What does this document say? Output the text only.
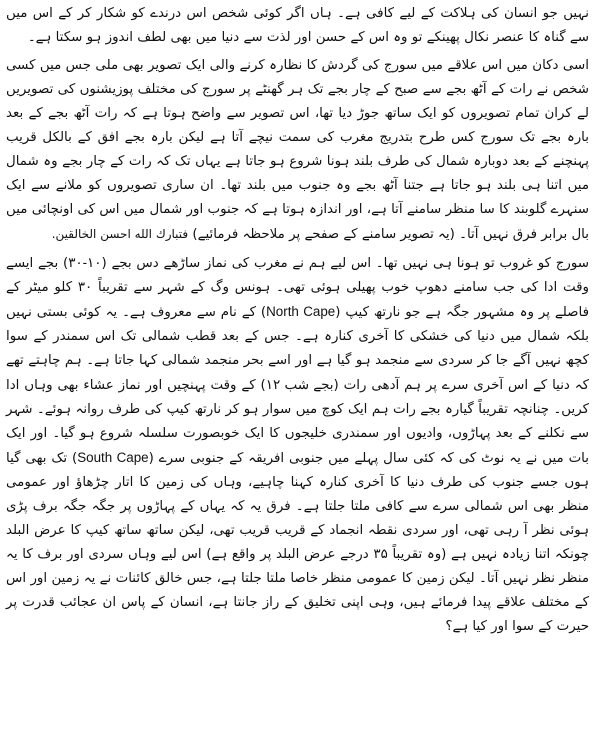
نہیں جو انسان کی ہلاکت کے لیے کافی ہے۔ ہاں اگر کوئی شخص اس درندے کو شکار کر کے اس میں سے گناہ کا عنصر نکال پھینکے تو وہ اس کے حسن اور لذت سے دنیا میں بھی لطف اندوز ہو سکتا ہے۔

اسی دکان میں اس علاقے میں سورج کی گردش کا نظارہ کرنے والی ایک تصویر بھی ملی جس میں کسی شخص نے رات کے آٹھ بجے سے صبح کے چار بجے تک ہر گھنٹے پر سورج کی مختلف پوزیشنوں کی تصویریں لے کران تمام تصویروں کو ایک ساتھ جوڑ دیا تھا، اس تصویر سے واضح ہوتا ہے کہ رات آٹھ بجے کے بعد بارہ بجے تک سورج کس طرح بتدریج مغرب کی سمت نیچے آتا ہے لیکن بارہ بجے افق کے بالکل قریب پہنچنے کے بعد دوبارہ شمال کی طرف بلند ہونا شروع ہو جاتا ہے یہاں تک کہ رات کے چار بجے وہ شمال میں اتنا ہی بلند ہو جاتا ہے جتنا آٹھ بجے وہ جنوب میں بلند تھا۔ ان ساری تصویروں کو ملانے سے ایک سنہرے گلوبند کا سا منظر سامنے آتا ہے، اور اندازہ ہوتا ہے کہ جنوب اور شمال میں اس کی اونچائی میں بال برابر فرق نہیں آتا۔ (یہ تصویر سامنے کے صفحے پر ملاحظہ فرمائیے) فتبارك الله احسن الخالقين.

سورج کو غروب تو ہونا ہی نہیں تھا۔ اس لیے ہم نے مغرب کی نماز ساڑھے دس بجے (۳۰-۱۰) بجے ایسے وقت ادا کی جب سامنے دھوپ خوب پھیلی ہوئی تھی۔ ہونس وگ کے شہر سے تقریباً ۳۰ کلو میٹر کے فاصلے پر وہ مشہور جگہ ہے جو نارتھ کیپ (North Cape) کے نام سے معروف ہے۔ یہ کوئی بستی نہیں بلکہ شمال میں دنیا کی خشکی کا آخری کنارہ ہے۔ جس کے بعد قطب شمالی تک اس سمندر کے سوا کچھ نہیں آگے جا کر سردی سے منجمد ہو گیا ہے اور اسے بحر منجمد شمالی کہا جاتا ہے۔ ہم چاہتے تھے کہ دنیا کے اس آخری سرے پر ہم آدھی رات (۱۲ بجے شب) کے وقت پہنچیں اور نماز عشاء بھی وہاں ادا کریں۔ چنانچہ تقریباً گیارہ بجے رات ہم ایک کوچ میں سوار ہو کر نارتھ کیپ کی طرف روانہ ہوئے۔ شہر سے نکلنے کے بعد پہاڑوں، وادیوں اور سمندری خلیجوں کا ایک خوبصورت سلسلہ شروع ہو گیا۔ اور ایک بات میں نے یہ نوٹ کی کہ کئی سال پہلے میں جنوبی افریقہ کے جنوبی سرے (South Cape) تک بھی گیا ہوں جسے جنوب کی طرف دنیا کا آخری کنارہ کہنا چاہیے، وہاں کی زمین کا اتار چڑھاؤ اور عمومی منظر بھی اس شمالی سرے سے کافی ملتا جلتا ہے۔ فرق یہ کہ یہاں کے پہاڑوں پر جگہ جگہ برف پڑی ہوئی نظر آ رہی تھی، اور سردی نقطہ انجماد کے قریب قریب تھی، لیکن ساتھ ساتھ کیپ کا عرض البلد چونکہ اتنا زیادہ نہیں ہے (وہ تقریباً ۳۵ درجے عرض البلد پر واقع ہے) اس لیے وہاں سردی اور برف کا یہ منظر نظر نہیں آتا۔ لیکن زمین کا عمومی منظر خاصا ملتا جلتا ہے، جس خالق کائنات نے یہ زمین اور اس کے مختلف علاقے پیدا فرمائے ہیں، وہی اپنی تخلیق کے راز جانتا ہے، انسان کے پاس ان عجائب قدرت پر حیرت کے سوا اور کیا ہے؟
